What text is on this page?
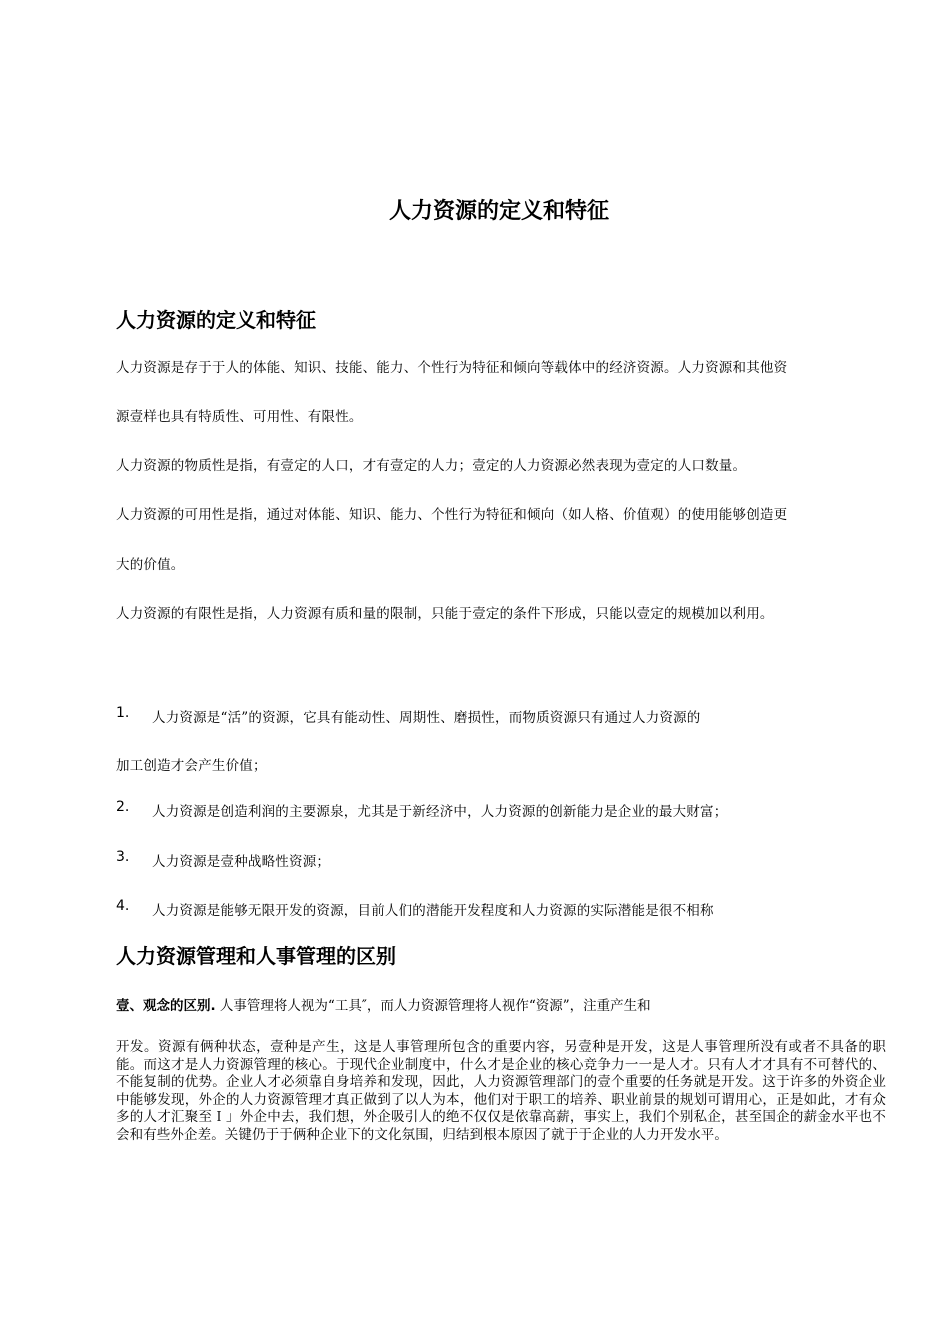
人力资源的定义和特征
人力资源的定义和特征

人力资源是存于于人的体能、知识、技能、能力、个性行为特征和倾向等载体中的经济资源。人力资源和其他资

源壹样也具有特质性、可用性、有限性。

人力资源的物质性是指，有壹定的人口，才有壹定的人力；壹定的人力资源必然表现为壹定的人口数量。

人力资源的可用性是指，通过对体能、知识、能力、个性行为特征和倾向（如人格、价值观）的使用能够创造更

大的价值。

人力资源的有限性是指，人力资源有质和量的限制，只能于壹定的条件下形成，只能以壹定的规模加以利用。

1. 人力资源是“活”的资源，它具有能动性、周期性、磨损性，而物质资源只有通过人力资源的

加工创造才会产生价值；

2. 人力资源是创造利润的主要源泉，尤其是于新经济中，人力资源的创新能力是企业的最大财富；
3. 人力资源是壹种战略性资源；
4. 人力资源是能够无限开发的资源，目前人们的潜能开发程度和人力资源的实际潜能是很不相称
人力资源管理和人事管理的区别

壹、观念的区别. 人事管理将人视为“工具″，而人力资源管理将人视作“资源”，注重产生和

开发。资源有俩种状态，壹种是产生，这是人事管理所包含的重要内容，另壹种是开发，这是人事管理所没有或者不具备的职能。而这才是人力资源管理的核心。于现代企业制度中，什么才是企业的核心竞争力一一是人才。只有人才才具有不可替代的、不能复制的优势。企业人才必须靠自身培养和发现，因此，人力资源管理部门的壹个重要的任务就是开发。这于许多的外资企业中能够发现，外企的人力资源管理才真正做到了以人为本，他们对于职工的培养、职业前景的规划可谓用心，正是如此，才有众多的人才汇聚至Ｉ」外企中去，我们想，外企吸引人的绝不仅仅是依靠高薪，事实上，我们个别私企，甚至国企的薪金水平也不会和有些外企差。关键仍于于俩种企业下的文化氛围，归结到根本原因了就于于企业的人力开发水平。
